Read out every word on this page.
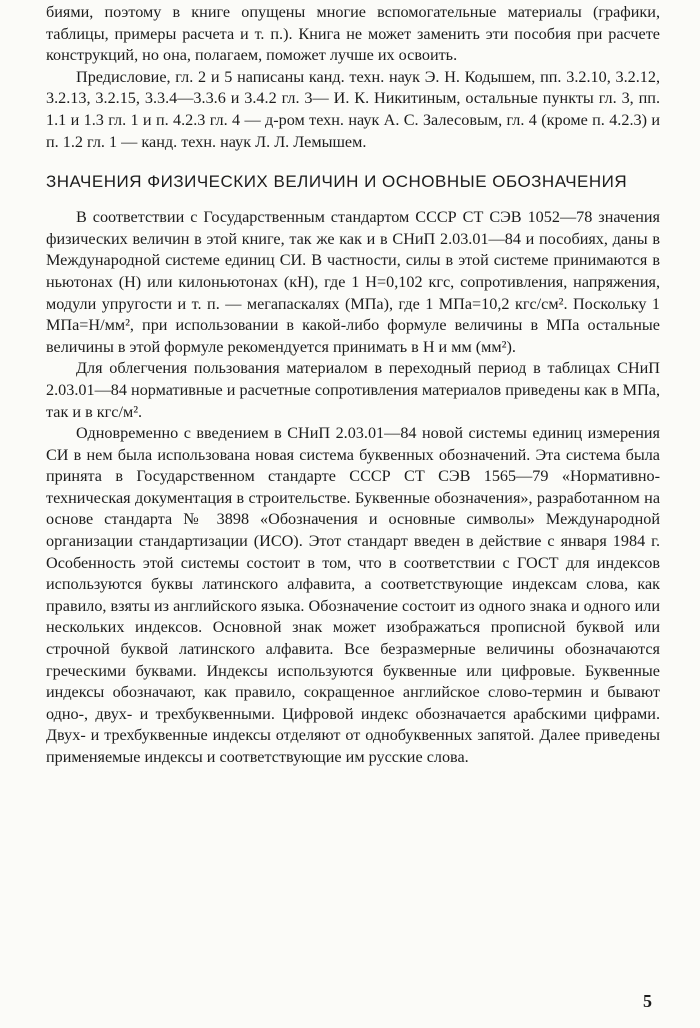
биями, поэтому в книге опущены многие вспомогательные материалы (графики, таблицы, примеры расчета и т. п.). Книга не может заменить эти пособия при расчете конструкций, но она, полагаем, поможет лучше их освоить.

Предисловие, гл. 2 и 5 написаны канд. техн. наук Э. Н. Кодышем, пп. 3.2.10, 3.2.12, 3.2.13, 3.2.15, 3.3.4—3.3.6 и 3.4.2 гл. 3— И. К. Никитиным, остальные пункты гл. 3, пп. 1.1 и 1.3 гл. 1 и п. 4.2.3 гл. 4 — д-ром техн. наук А. С. Залесовым, гл. 4 (кроме п. 4.2.3) и п. 1.2 гл. 1 — канд. техн. наук Л. Л. Лемышем.

ЗНАЧЕНИЯ ФИЗИЧЕСКИХ ВЕЛИЧИН И ОСНОВНЫЕ ОБОЗНАЧЕНИЯ

В соответствии с Государственным стандартом СССР СТ СЭВ 1052—78 значения физических величин в этой книге, так же как и в СНиП 2.03.01—84 и пособиях, даны в Международной системе единиц СИ. В частности, силы в этой системе принимаются в ньютонах (Н) или килоньютонах (кН), где 1 Н=0,102 кгс, сопротивления, напряжения, модули упругости и т. п. — мегапаскалях (МПа), где 1 МПа=10,2 кгс/см². Поскольку 1 МПа=Н/мм², при использовании в какой-либо формуле величины в МПа остальные величины в этой формуле рекомендуется принимать в Н и мм (мм²).

Для облегчения пользования материалом в переходный период в таблицах СНиП 2.03.01—84 нормативные и расчетные сопротивления материалов приведены как в МПа, так и в кгс/м².

Одновременно с введением в СНиП 2.03.01—84 новой системы единиц измерения СИ в нем была использована новая система буквенных обозначений. Эта система была принята в Государственном стандарте СССР СТ СЭВ 1565—79 «Нормативно-техническая документация в строительстве. Буквенные обозначения», разработанном на основе стандарта № 3898 «Обозначения и основные символы» Международной организации стандартизации (ИСО). Этот стандарт введен в действие с января 1984 г. Особенность этой системы состоит в том, что в соответствии с ГОСТ для индексов используются буквы латинского алфавита, а соответствующие индексам слова, как правило, взяты из английского языка. Обозначение состоит из одного знака и одного или нескольких индексов. Основной знак может изображаться прописной буквой или строчной буквой латинского алфавита. Все безразмерные величины обозначаются греческими буквами. Индексы используются буквенные или цифровые. Буквенные индексы обозначают, как правило, сокращенное английское слово-термин и бывают одно-, двух- и трехбуквенными. Цифровой индекс обозначается арабскими цифрами. Двух- и трехбуквенные индексы отделяют от однобуквенных запятой. Далее приведены применяемые индексы и соответствующие им русские слова.

5
